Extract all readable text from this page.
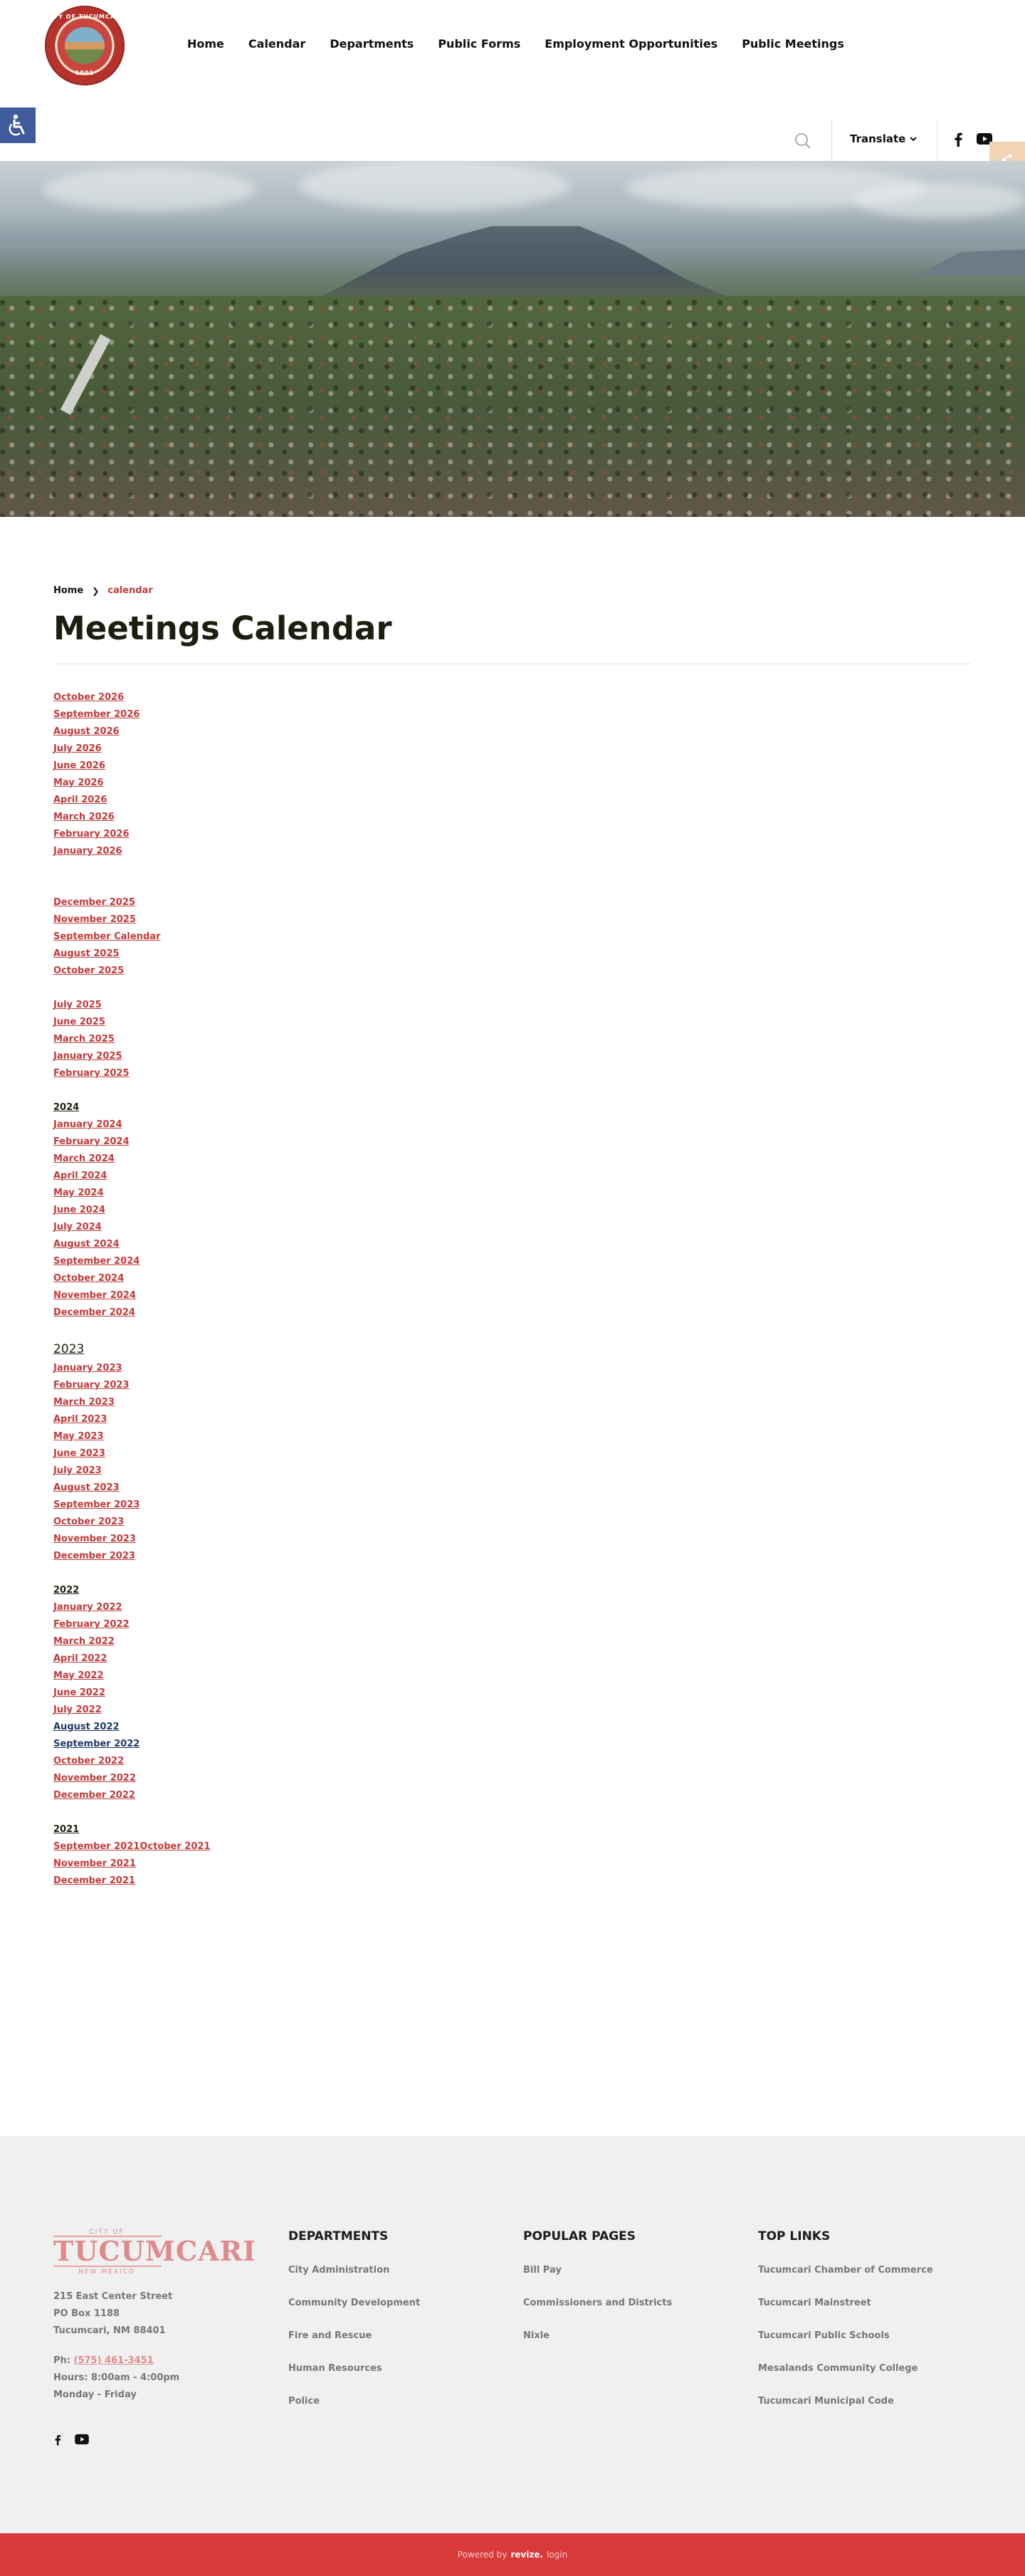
CITY OF TUCUMCARI
1901
Home Calendar Departments Public Forms Employment Opportunities Public Meetings
Translate
Home ❯ calendar
Meetings Calendar
October 2026
September 2026
August 2026
July 2026
June 2026
May 2026
April 2026
March 2026
February 2026
January 2026
December 2025
November 2025
September Calendar
August 2025
October 2025
July 2025
June 2025
March 2025
January 2025
February 2025
2024
January 2024
February 2024
March 2024
April 2024
May 2024
June 2024
July 2024
August 2024
September 2024
October 2024
November 2024
December 2024
2023
January 2023
February 2023
March 2023
April 2023
May 2023
June 2023
July 2023
August 2023
September 2023
October 2023
November 2023
December 2023
2022
January 2022
February 2022
March 2022
April 2022
May 2022
June 2022
July 2022
August 2022
September 2022
October 2022
November 2022
December 2022
2021
September 2021 October 2021
November 2021
December 2021
CITY OF
TUCUMCARI
NEW MEXICO
215 East Center Street
PO Box 1188
Tucumcari, NM 88401
Ph: (575) 461-3451
Hours: 8:00am - 4:00pm
Monday - Friday
DEPARTMENTS
City Administration
Community Development
Fire and Rescue
Human Resources
Police
POPULAR PAGES
Bill Pay
Commissioners and Districts
Nixle
TOP LINKS
Tucumcari Chamber of Commerce
Tucumcari Mainstreet
Tucumcari Public Schools
Mesalands Community College
Tucumcari Municipal Code
Powered by revize. login
